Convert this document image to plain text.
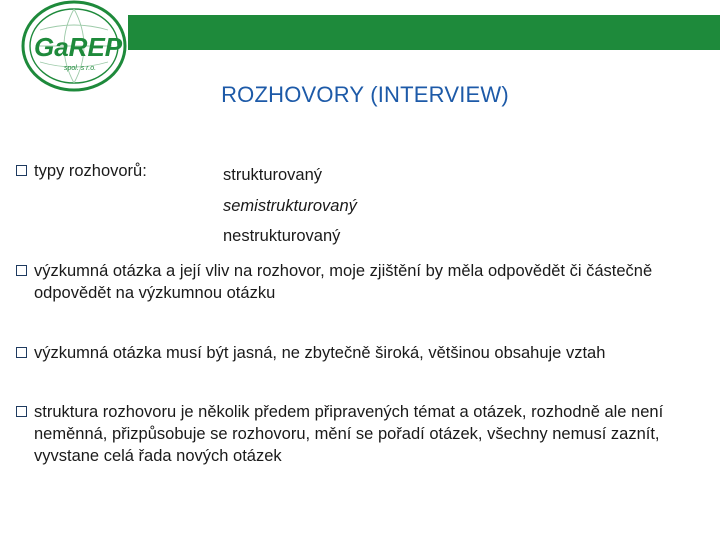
GaREP
spol. s r.o.
ROZHOVORY (INTERVIEW)
typy rozhovorů:	strukturovaný
semistrukturovaný
nestrukturovaný
výzkumná otázka a její vliv na rozhovor, moje zjištění by měla odpovědět či částečně odpovědět na výzkumnou otázku
výzkumná otázka musí být jasná, ne zbytečně široká, většinou obsahuje vztah
struktura rozhovoru je několik předem připravených témat a otázek, rozhodně ale není neměnná, přizpůsobuje se rozhovoru, mění se pořadí otázek, všechny nemusí zaznít, vyvstane celá řada nových otázek
